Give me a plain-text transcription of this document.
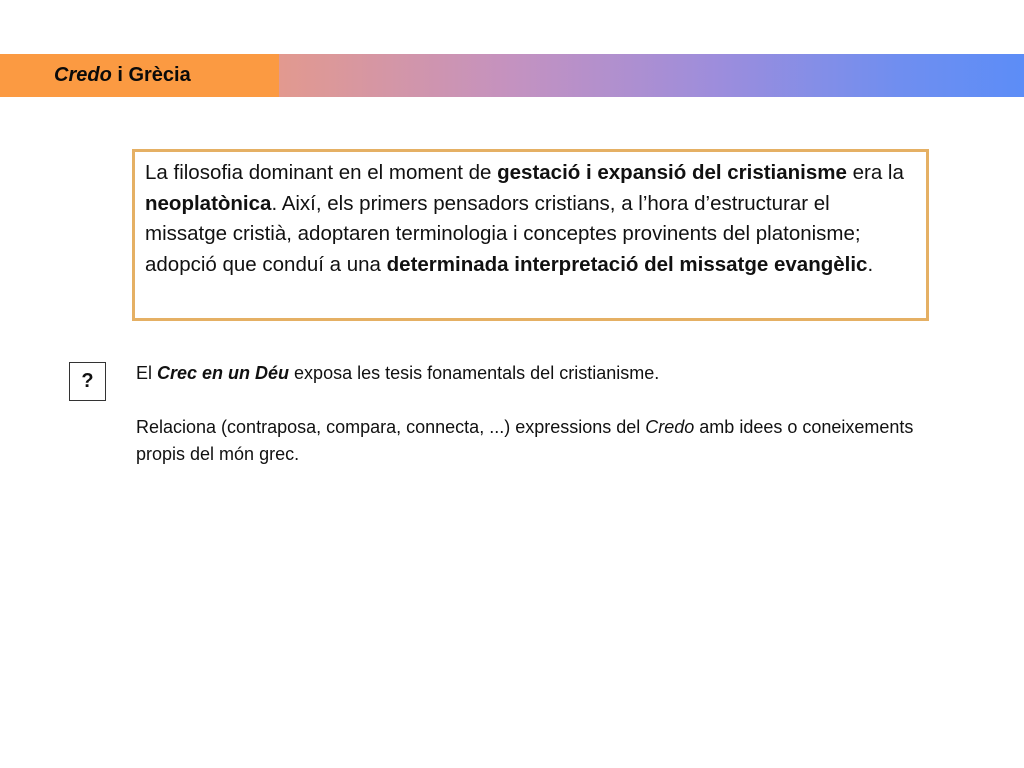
Credo i Grècia

La filosofia dominant en el moment de gestació i expansió del cristianisme era la neoplatònica. Així, els primers pensadors cristians, a l’hora d’estructurar el missatge cristià, adoptaren terminologia i conceptes provinents del platonisme; adopció que conduí a una determinada interpretació del missatge evangèlic.

?	El Crec en un Déu exposa les tesis fonamentals del cristianisme.

Relaciona (contraposa, compara, connecta, ...) expressions del Credo amb idees o coneixements propis del món grec.
